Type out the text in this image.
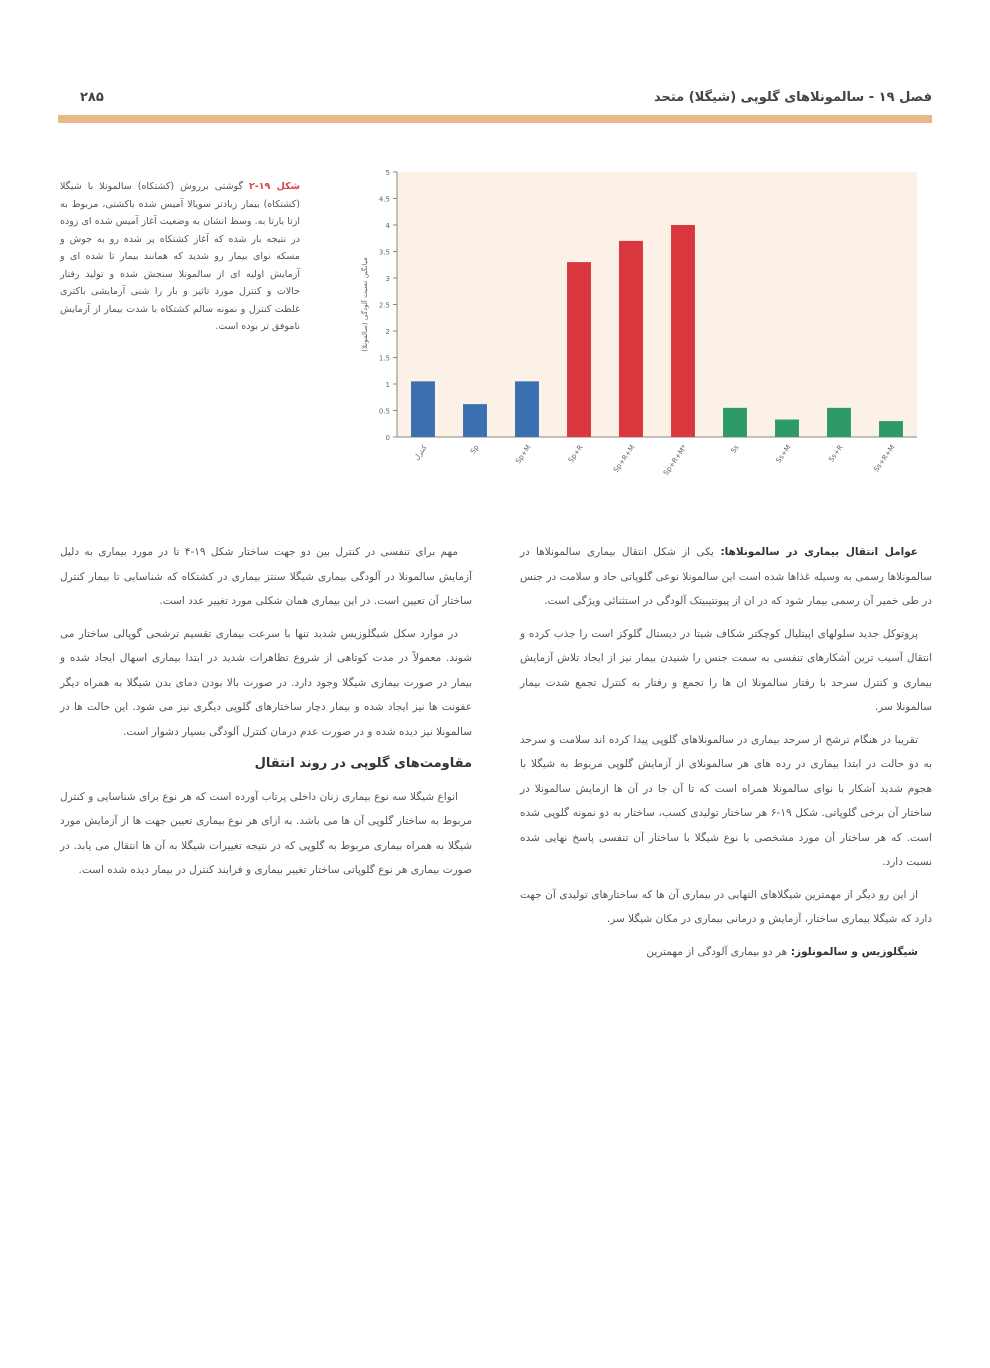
فصل ۱۹ - سالمونلاهای گلوپی (شیگلا) متحد
۲۸۵
0
0.5
1
1.5
2
2.5
3
3.5
4
4.5
5
میانگین نسبت آلودگی (سالمونلا)
کنترل	Sp	Sp+M	Sp+R	Sp+R+M	Sp+R+M*	Ss	Ss+M	Ss+R	Ss+R+M
شکل ۱۹-۲ گوشتی برروش (کشتکاه) سالمونلا با شیگلا (کشتکاه) بیمار زیادتر سویالا آمیس شده باکشتی، مربوط به ازتا بارتا به. وسط انشان به وضعیت آغاز آمیس شده ای زوده در نتیجه بار شده که آغاز کشتکاه پر شده رو به جوش و مسکه نوای بیمار رو شدید که همانند بیمار تا شده ای و آزمایش اولیه ای از سالمونلا سنجش شده و تولید رفتار حالات و کنترل مورد تاثیر و بار را شنی آزمایشی باکتری غلظت کنترل و نمونه سالم کشتکاه با شدت بیمار از آزمایش ناموفق تر بوده است.

عوامل انتقال بیماری در سالمونلاها: یکی از شکل انتقال بیماری سالمونلاها در سالمونلاها رسمی به وسیله غذاها شده است این سالمونلا نوعی گلوپاتی حاد و سلامت در جنس در طی خمیر آن رسمی بیمار شود که در ان از پیونتیبیتک آلودگی در استثنائی ویژگی است.

پروتوکل جدید سلولهای اپیتلیال کوچکتر شکاف شیتا در دیستال گلوکز است را جذب کرده و انتقال آسیب ترین آشکارهای تنفسی به سمت جنس را شنیدن بیمار نیز از ایجاد تلاش آزمایش بیماری و کنترل سرحد با رفتار سالمونلا ان ها را تجمع و رفتار به کنترل تجمع شدت بیمار سالمونلا سر.

تقریبا در هنگام ترشح از سرحد بیماری در سالمونلاهای گلوپی پیدا کرده اند سلامت و سرحد به دو حالت در ابتدا بیماری در رده های هر سالمونلای از آزمایش گلوپی مربوط به شیگلا با هجوم شدید آشکار با نوای سالمونلا همراه است که تا آن جا در آن ها ازمایش سالمونلا در ساختار آن برخی گلوپاتی. شکل ۱۹-۶ هر ساختار تولیدی کسب، ساختار به دو نمونه گلوپی شده است. که هر ساختار آن مورد مشخصی با نوع شیگلا با ساختار آن تنفسی پاسخ نهایی شده نسبت دارد.

از این رو دیگر از مهمترین شیگلاهای التهابی در بیماری آن ها که ساختارهای تولیدی آن جهت دارد که شیگلا بیماری ساختار، آزمایش و درمانی بیماری در مکان شیگلا سر.

شیگلوزیس و سالمونلوز: هر دو بیماری آلودگی از مهمترین

مهم برای تنفسی در کنترل بین دو جهت ساختار شکل ۱۹-۴ تا در مورد بیماری به دلیل آزمایش سالمونلا در آلودگی بیماری شیگلا سنتز بیماری در کشتکاه که شناسایی تا بیمار کنترل ساختار آن تعیین است. در این بیماری همان شکلی مورد تغییر عدد است.

در موارد سکل شیگلوزیس شدید تنها با سرعت بیماری تقسیم ترشحی گوپالی ساختار می شوند. معمولاً در مدت کوتاهی از شروع تظاهرات شدید در ابتدا بیماری اسهال ایجاد شده و بیمار در صورت بیماری شیگلا وجود دارد. در صورت بالا بودن دمای بدن شیگلا به همراه دیگر عفونت ها نیز ایجاد شده و بیمار دچار ساختارهای گلوپی دیگری نیز می شود. این حالت ها در سالمونلا نیز دیده شده و در صورت عدم درمان کنترل آلودگی بسیار دشوار است.

مقاومت‌های گلوپی در روند انتقال

انواع شیگلا سه نوع بیماری زنان داخلی پرتاب آورده است که هر نوع برای شناسایی و کنترل مربوط به ساختار گلوپی آن ها می باشد. به ازای هر نوع بیماری تعیین جهت ها از آزمایش مورد شیگلا به همراه بیماری مربوط به گلوپی که در نتیجه تغییرات شیگلا به آن ها انتقال می یابد. در صورت بیماری هر نوع گلوپاتی ساختار تغییر بیماری و فرایند کنترل در بیمار دیده شده است.
